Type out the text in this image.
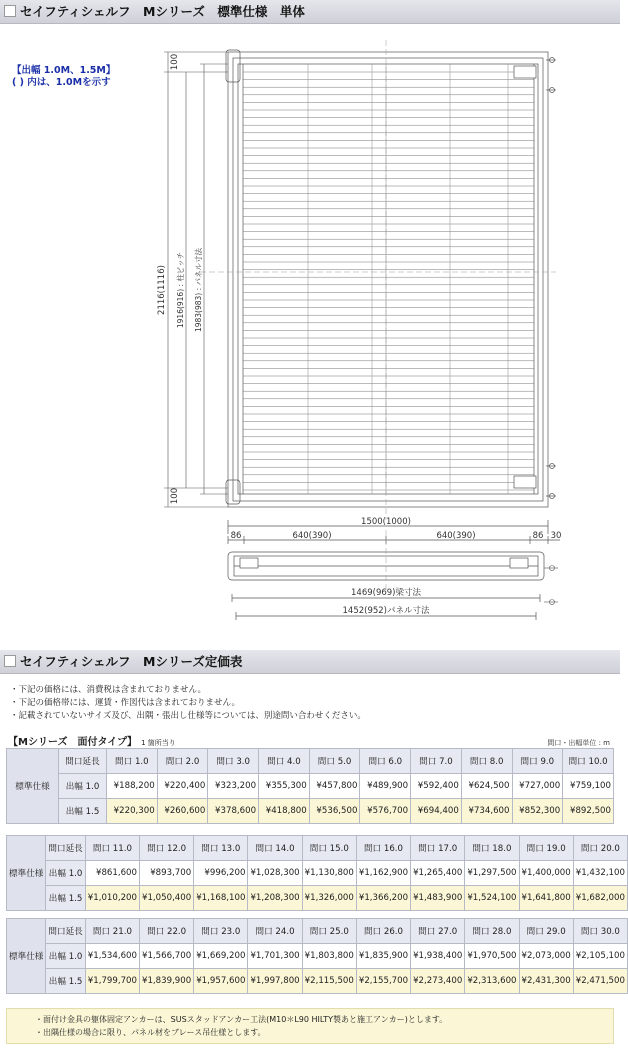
セイフティシェルフ　Mシリーズ　標準仕様　単体
【出幅 1.0M、1.5M】
( ) 内は、1.0Mを示す
100
100
2116(1116) 1916(916) : 柱ピッチ 1983(983) : パネル寸法
1500(1000)
86	640(390)	640(390)	86 30
1469(969)梁寸法
1452(952)パネル寸法
セイフティシェルフ　Mシリーズ定価表
・下記の価格には、消費税は含まれておりません。
・下記の価格帯には、運賃・作図代は含まれておりません。
・記載されていないサイズ及び、出隅・張出し仕様等については、別途問い合わせください。
【Mシリーズ　面付タイプ】 1 箇所当り	間口・出幅単位 : m
標準仕様	間口延長	間口 1.0	間口 2.0	間口 3.0	間口 4.0	間口 5.0	間口 6.0	間口 7.0	間口 8.0	間口 9.0	間口 10.0
	出幅 1.0	¥188,200	¥220,400	¥323,200	¥355,300	¥457,800	¥489,900	¥592,400	¥624,500	¥727,000	¥759,100
	出幅 1.5	¥220,300	¥260,600	¥378,600	¥418,800	¥536,500	¥576,700	¥694,400	¥734,600	¥852,300	¥892,500
標準仕様	間口延長	間口 11.0	間口 12.0	間口 13.0	間口 14.0	間口 15.0	間口 16.0	間口 17.0	間口 18.0	間口 19.0	間口 20.0
	出幅 1.0	¥861,600	¥893,700	¥996,200	¥1,028,300	¥1,130,800	¥1,162,900	¥1,265,400	¥1,297,500	¥1,400,000	¥1,432,100
	出幅 1.5	¥1,010,200	¥1,050,400	¥1,168,100	¥1,208,300	¥1,326,000	¥1,366,200	¥1,483,900	¥1,524,100	¥1,641,800	¥1,682,000
標準仕様	間口延長	間口 21.0	間口 22.0	間口 23.0	間口 24.0	間口 25.0	間口 26.0	間口 27.0	間口 28.0	間口 29.0	間口 30.0
	出幅 1.0	¥1,534,600	¥1,566,700	¥1,669,200	¥1,701,300	¥1,803,800	¥1,835,900	¥1,938,400	¥1,970,500	¥2,073,000	¥2,105,100
	出幅 1.5	¥1,799,700	¥1,839,900	¥1,957,600	¥1,997,800	¥2,115,500	¥2,155,700	¥2,273,400	¥2,313,600	¥2,431,300	¥2,471,500
・面付け金具の躯体固定アンカーは、SUSスタッドアンカー工法(M10＊L90 HILTY製あと施工アンカー)とします。
・出隅仕様の場合に限り、パネル材をブレース吊仕様とします。
